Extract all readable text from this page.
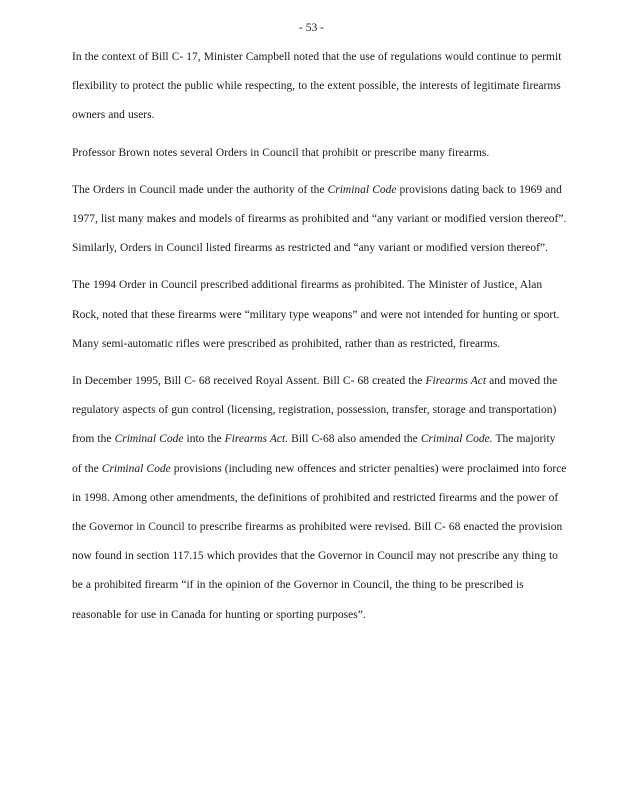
- 53 -

In the context of Bill C- 17, Minister Campbell noted that the use of regulations would continue to permit flexibility to protect the public while respecting, to the extent possible, the interests of legitimate firearms owners and users.

Professor Brown notes several Orders in Council that prohibit or prescribe many firearms.

The Orders in Council made under the authority of the Criminal Code provisions dating back to 1969 and 1977, list many makes and models of firearms as prohibited and “any variant or modified version thereof”.   Similarly, Orders in Council listed firearms as restricted and “any variant or modified version thereof”.

The 1994 Order in Council prescribed additional firearms as prohibited. The Minister of Justice, Alan Rock, noted that these firearms were “military type weapons” and were not intended for hunting or sport.  Many semi-automatic rifles were prescribed as prohibited, rather than as restricted, firearms.

In December 1995, Bill C- 68 received Royal Assent. Bill C- 68 created the Firearms Act and moved the regulatory aspects of gun control (licensing, registration, possession, transfer, storage and transportation) from the Criminal Code into the Firearms Act. Bill C-68 also amended the Criminal Code. The majority of the Criminal Code provisions (including new offences and stricter penalties) were proclaimed into force in 1998. Among other amendments, the definitions of prohibited and restricted firearms and the power of the Governor in Council to prescribe firearms as prohibited were revised. Bill C- 68 enacted the provision now found in section 117.15 which provides that the Governor in Council may not prescribe any thing to be a prohibited firearm “if in the opinion of the Governor in Council, the thing to be prescribed is reasonable for use in Canada for hunting or sporting purposes”.
